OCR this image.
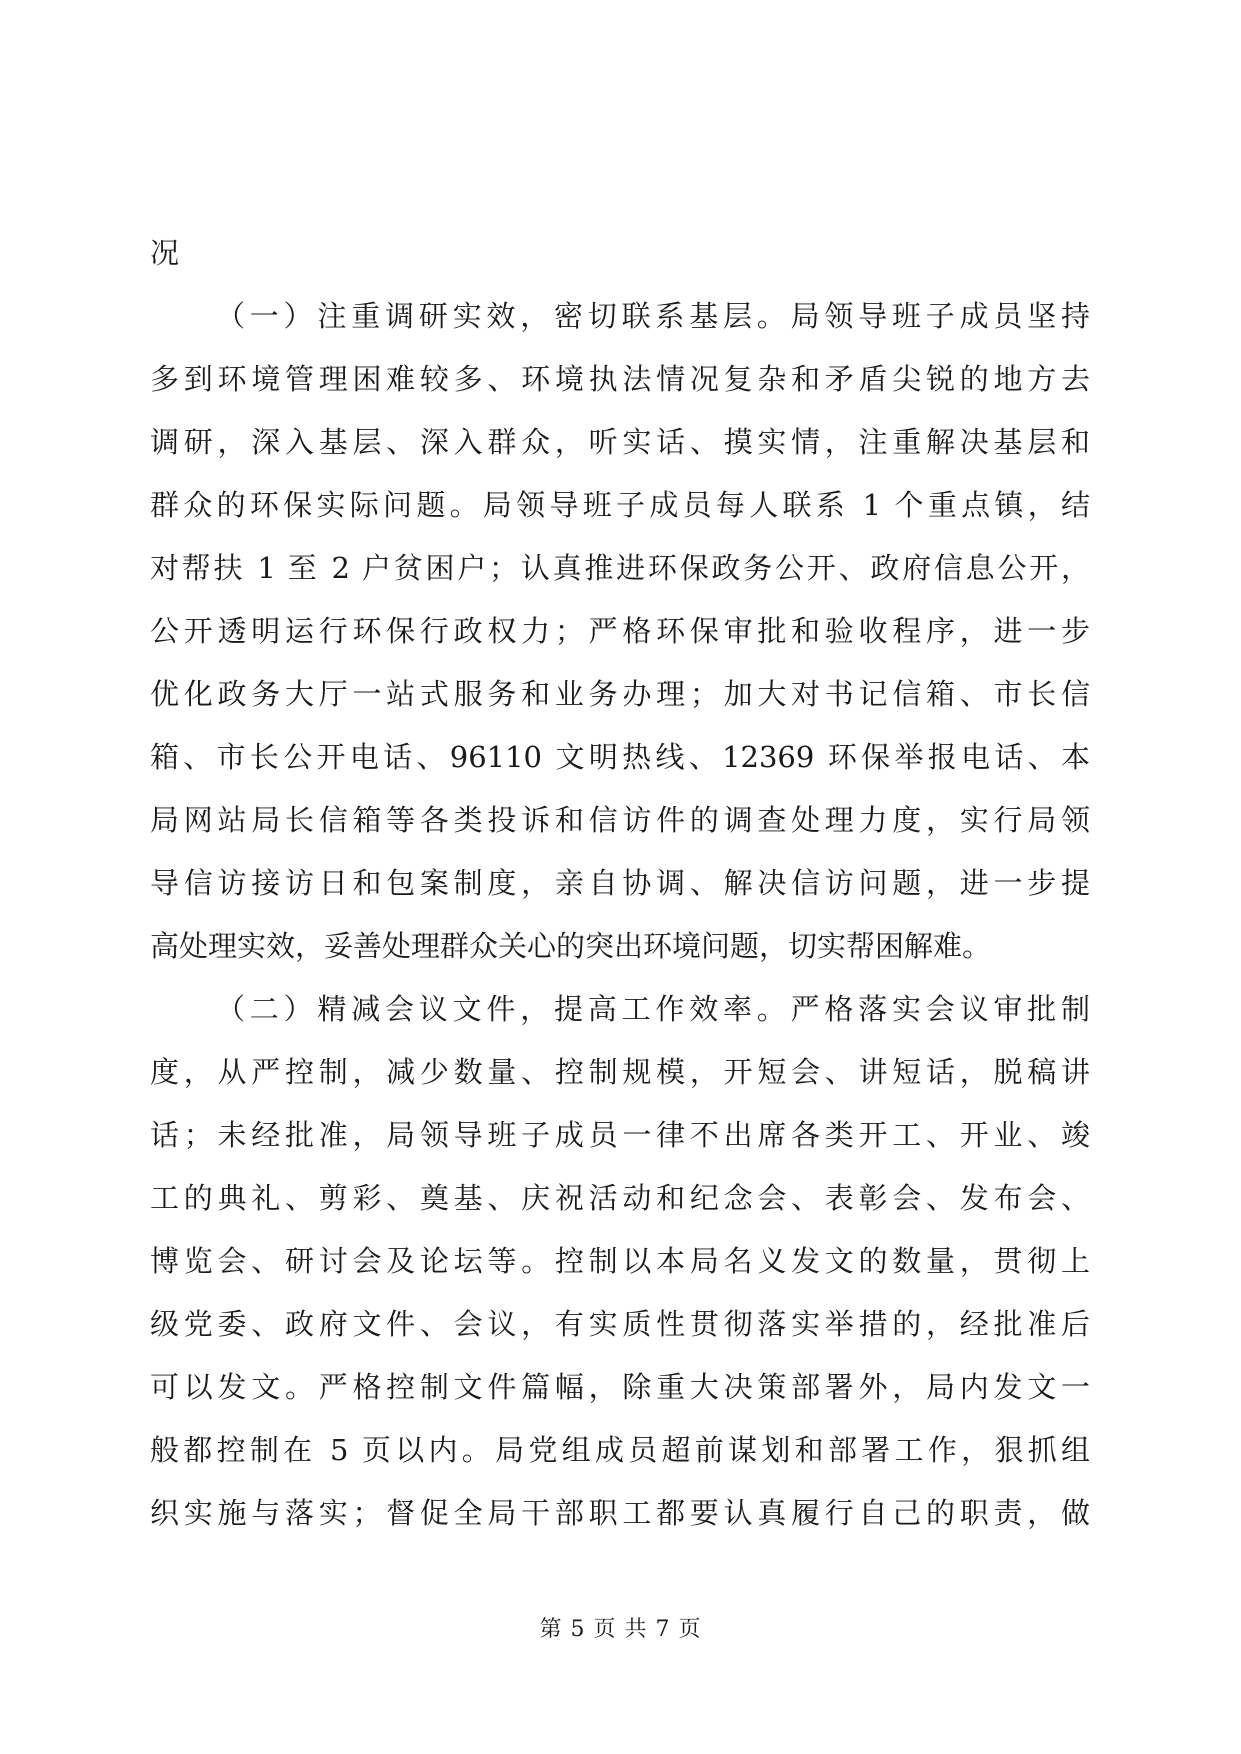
况
（一）注重调研实效，密切联系基层。局领导班子成员坚持
多到环境管理困难较多、环境执法情况复杂和矛盾尖锐的地方去
调研，深入基层、深入群众，听实话、摸实情，注重解决基层和
群众的环保实际问题。局领导班子成员每人联系 1 个重点镇，结
对帮扶 1 至 2 户贫困户；认真推进环保政务公开、政府信息公开，
公开透明运行环保行政权力；严格环保审批和验收程序，进一步
优化政务大厅一站式服务和业务办理；加大对书记信箱、市长信
箱、市长公开电话、96110 文明热线、12369 环保举报电话、本
局网站局长信箱等各类投诉和信访件的调查处理力度，实行局领
导信访接访日和包案制度，亲自协调、解决信访问题，进一步提
高处理实效，妥善处理群众关心的突出环境问题，切实帮困解难。
（二）精减会议文件，提高工作效率。严格落实会议审批制
度，从严控制，减少数量、控制规模，开短会、讲短话，脱稿讲
话；未经批准，局领导班子成员一律不出席各类开工、开业、竣
工的典礼、剪彩、奠基、庆祝活动和纪念会、表彰会、发布会、
博览会、研讨会及论坛等。控制以本局名义发文的数量，贯彻上
级党委、政府文件、会议，有实质性贯彻落实举措的，经批准后
可以发文。严格控制文件篇幅，除重大决策部署外，局内发文一
般都控制在 5 页以内。局党组成员超前谋划和部署工作，狠抓组
织实施与落实；督促全局干部职工都要认真履行自己的职责，做
第 5 页 共 7 页
